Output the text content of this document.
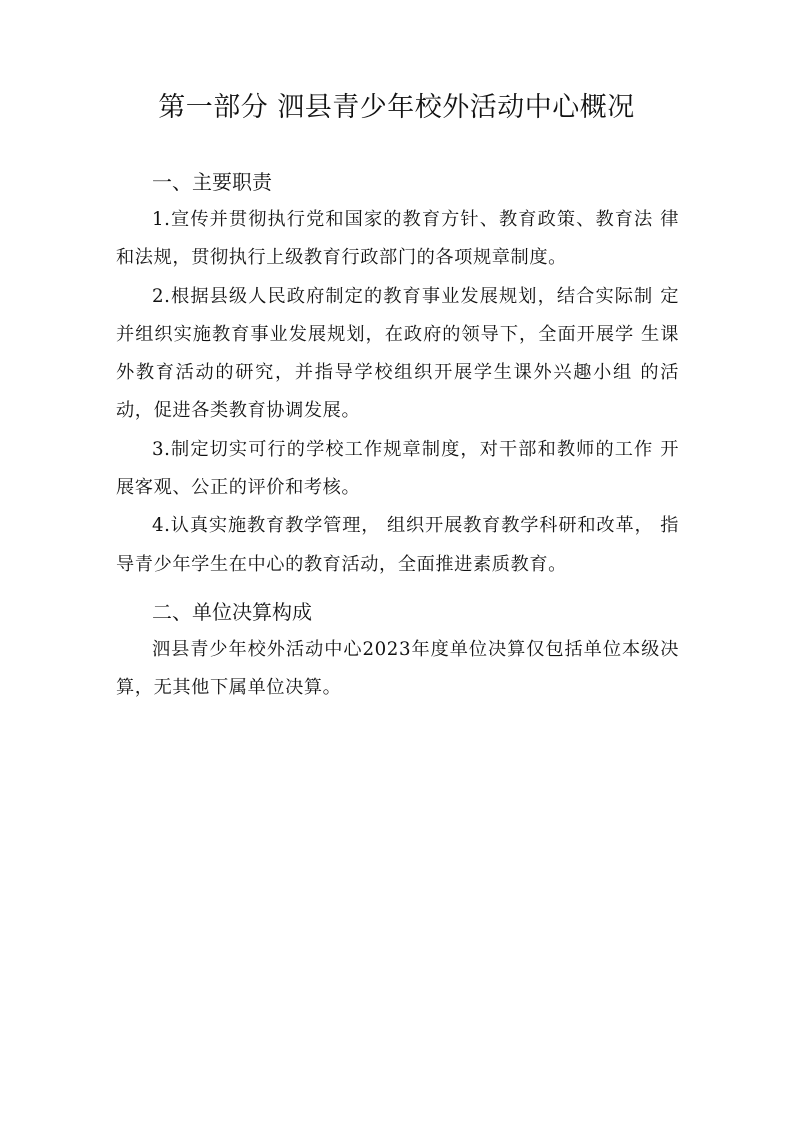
第一部分 泗县青少年校外活动中心概况
一、主要职责

1.宣传并贯彻执行党和国家的教育方针、教育政策、教育法 律和法规，贯彻执行上级教育行政部门的各项规章制度。

2.根据县级人民政府制定的教育事业发展规划，结合实际制 定并组织实施教育事业发展规划，在政府的领导下，全面开展学 生课外教育活动的研究，并指导学校组织开展学生课外兴趣小组 的活动，促进各类教育协调发展。

3.制定切实可行的学校工作规章制度，对干部和教师的工作 开展客观、公正的评价和考核。

4.认真实施教育教学管理， 组织开展教育教学科研和改革， 指导青少年学生在中心的教育活动，全面推进素质教育。

二、单位决算构成

泗县青少年校外活动中心2023年度单位决算仅包括单位本级决算，无其他下属单位决算。
